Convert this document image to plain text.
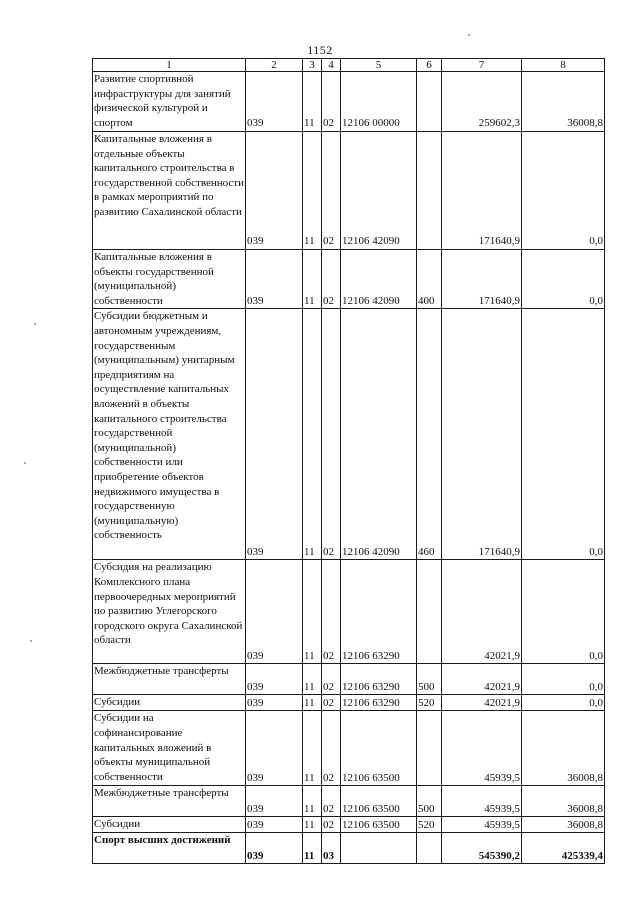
1152
1	2	3	4	5	6	7	8
Развитие спортивной инфраструктуры для занятий физической культурой и спортом	039	11	02	12106 00000		259602,3	36008,8
Капитальные вложения в отдельные объекты капитального строительства в государственной собственности в рамках мероприятий по развитию Сахалинской области	039	11	02	12106 42090		171640,9	0,0
Капитальные вложения в объекты государственной (муниципальной) собственности	039	11	02	12106 42090	400	171640,9	0,0
Субсидии бюджетным и автономным учреждениям, государственным (муниципальным) унитарным предприятиям на осуществление капитальных вложений в объекты капитального строительства государственной (муниципальной) собственности или приобретение объектов недвижимого имущества в государственную (муниципальную) собственность	039	11	02	12106 42090	460	171640,9	0,0
Субсидия на реализацию Комплексного плана первоочередных мероприятий по развитию Углегорского городского округа Сахалинской области	039	11	02	12106 63290		42021,9	0,0
Межбюджетные трансферты	039	11	02	12106 63290	500	42021,9	0,0
Субсидии	039	11	02	12106 63290	520	42021,9	0,0
Субсидии на софинансирование капитальных вложений в объекты муниципальной собственности	039	11	02	12106 63500		45939,5	36008,8
Межбюджетные трансферты	039	11	02	12106 63500	500	45939,5	36008,8
Субсидии	039	11	02	12106 63500	520	45939,5	36008,8
Спорт высших достижений	039	11	03			545390,2	425339,4
